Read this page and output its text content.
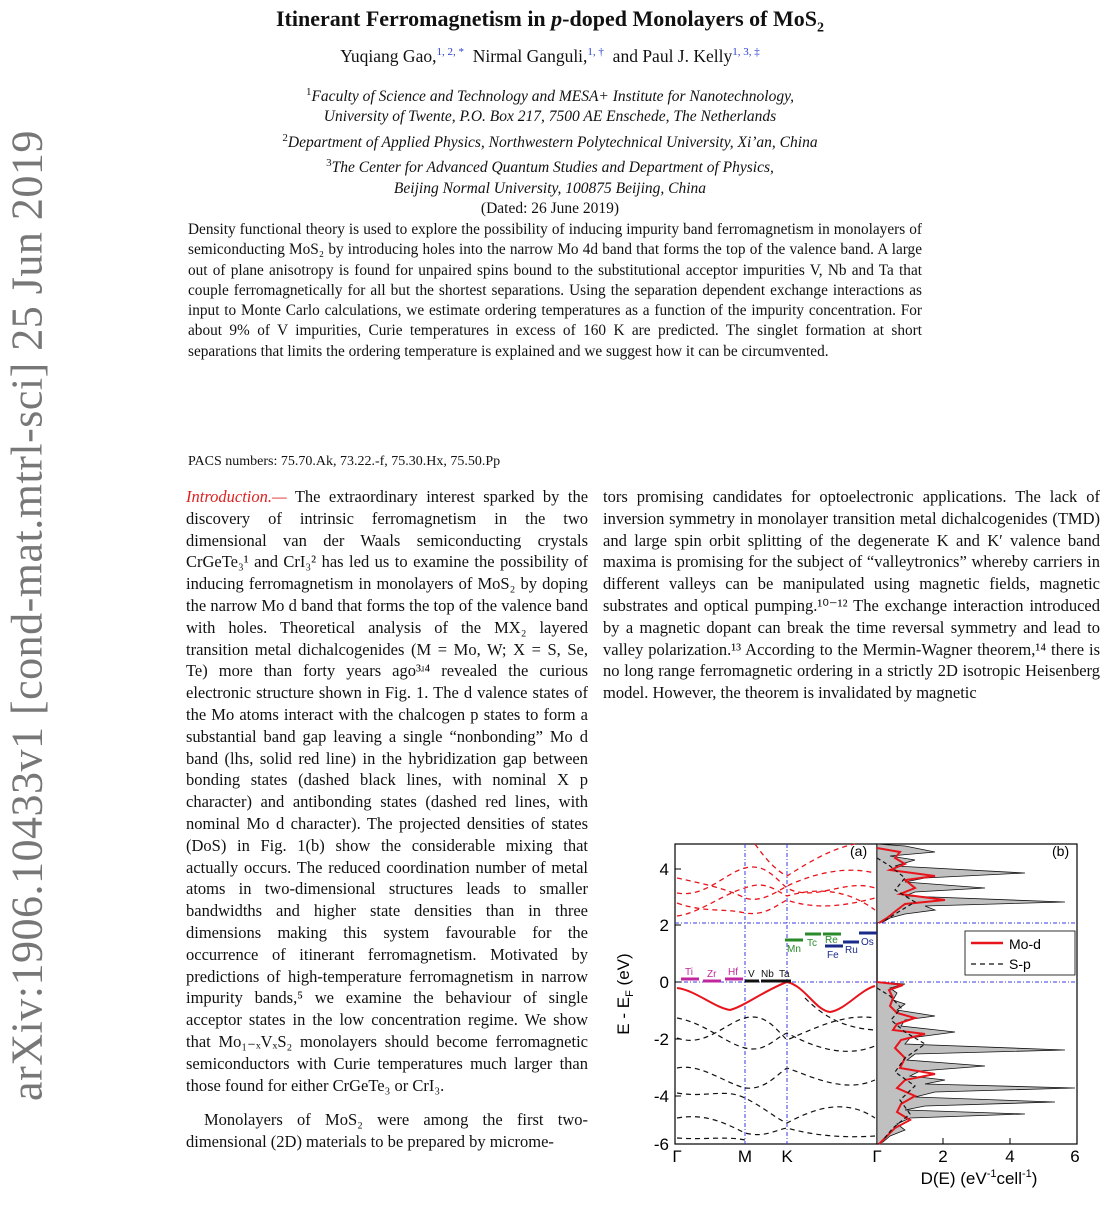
arXiv:1906.10433v1 [cond-mat.mtrl-sci] 25 Jun 2019
Itinerant Ferromagnetism in p-doped Monolayers of MoS$_2$
Yuqiang Gao,$^{1, 2, *}$ Nirmal Ganguli,$^{1, \dagger}$ and Paul J. Kelly$^{1, 3, \ddagger}$
$^1$Faculty of Science and Technology and MESA+ Institute for Nanotechnology,
University of Twente, P.O. Box 217, 7500 AE Enschede, The Netherlands
$^2$Department of Applied Physics, Northwestern Polytechnical University, Xi’an, China
$^3$The Center for Advanced Quantum Studies and Department of Physics,
Beijing Normal University, 100875 Beijing, China
(Dated: 26 June 2019)
Density functional theory is used to explore the possibility of inducing impurity band ferromagnetism in monolayers of semiconducting MoS₂ by introducing holes into the narrow Mo 4d band that forms the top of the valence band. A large out of plane anisotropy is found for unpaired spins bound to the substitutional acceptor impurities V, Nb and Ta that couple ferromagnetically for all but the shortest separations. Using the separation dependent exchange interactions as input to Monte Carlo calculations, we estimate ordering temperatures as a function of the impurity concentration. For about 9% of V impurities, Curie temperatures in excess of 160 K are predicted. The singlet formation at short separations that limits the ordering temperature is explained and we suggest how it can be circumvented.
PACS numbers: 75.70.Ak, 73.22.-f, 75.30.Hx, 75.50.Pp

Introduction.— The extraordinary interest sparked by the discovery of intrinsic ferromagnetism in the two dimensional van der Waals semiconducting crystals CrGeTe₃¹ and CrI₃² has led us to examine the possibility of inducing ferromagnetism in monolayers of MoS₂ by doping the narrow Mo d band that forms the top of the valence band with holes. Theoretical analysis of the MX₂ layered transition metal dichalcogenides (M = Mo, W; X = S, Se, Te) more than forty years ago³ʴ⁴ revealed the curious electronic structure shown in Fig. 1. The d valence states of the Mo atoms interact with the chalcogen p states to form a substantial band gap leaving a single “nonbonding” Mo d band (lhs, solid red line) in the hybridization gap between bonding states (dashed black lines, with nominal X p character) and antibonding states (dashed red lines, with nominal Mo d character). The projected densities of states (DoS) in Fig. 1(b) show the considerable mixing that actually occurs. The reduced coordination number of metal atoms in two-dimensional structures leads to smaller bandwidths and higher state densities than in three dimensions making this system favourable for the occurrence of itinerant ferromagnetism. Motivated by predictions of high-temperature ferromagnetism in narrow impurity bands,⁵ we examine the behaviour of single acceptor states in the low concentration regime. We show that Mo₁₋ₓVₓS₂ monolayers should become ferromagnetic semiconductors with Curie temperatures much larger than those found for either CrGeTe₃ or CrI₃.

Monolayers of MoS₂ were among the first two-dimensional (2D) materials to be prepared by microme-

tors promising candidates for optoelectronic applications. The lack of inversion symmetry in monolayer transition metal dichalcogenides (TMD) and large spin orbit splitting of the degenerate K and K′ valence band maxima is promising for the subject of “valleytronics” whereby carriers in different valleys can be manipulated using magnetic fields, magnetic substrates and optical pumping.¹⁰⁻¹² The exchange interaction introduced by a magnetic dopant can break the time reversal symmetry and lead to valley polarization.¹³ According to the Mermin-Wagner theorem,¹⁴ there is no long range ferromagnetic ordering in a strictly 2D isotropic Heisenberg model. However, the theorem is invalidated by magnetic
Ti Zr Hf V Nb Ta
Mn
Tc Re
Fe Ru
Os
(a)	(b)
Mo-d
S-p
4
2
0
-2
-4
-6
E - $E_F$ (eV)
Γ	M K	Γ	2	4	6
D(E) $(eV^{-1}cell^{-1})$
